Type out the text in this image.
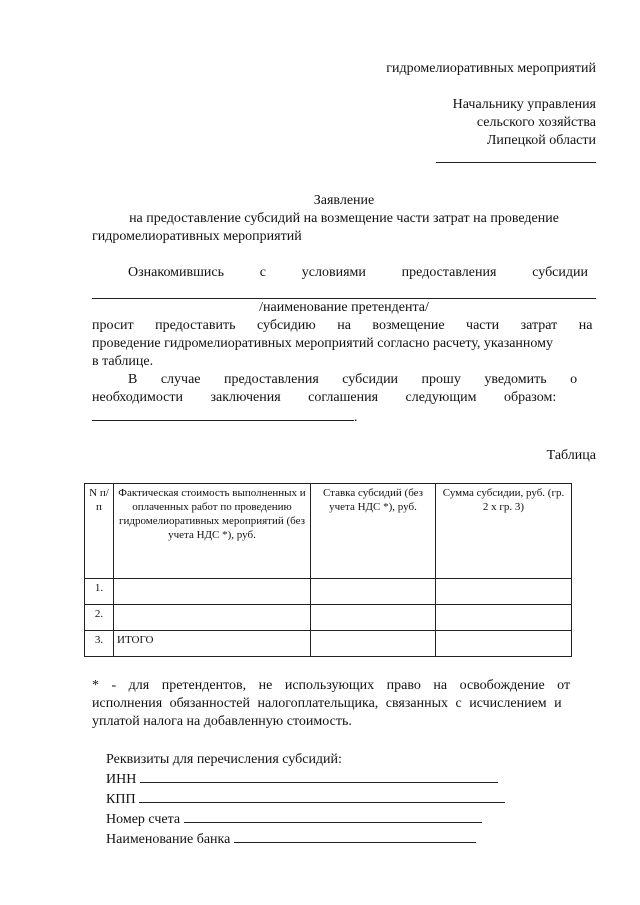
гидромелиоративных мероприятий
Начальнику управления
сельского хозяйства
Липецкой области
Заявление
на предоставление субсидий на возмещение части затрат на проведение
гидромелиоративных мероприятий
Ознакомившись	с	условиями	предоставления	субсидии
/наименование претендента/
просит предоставить субсидию на возмещение части затрат на
проведение гидромелиоративных мероприятий согласно расчету, указанному
в таблице.
В случае предоставления субсидии прошу уведомить о
необходимости заключения соглашения следующим образом:
.
Таблица
N п/п	Фактическая стоимость выполненных и оплаченных работ по проведению гидромелиоративных мероприятий (без учета НДС *), руб.	Ставка субсидий (без учета НДС *), руб.	Сумма субсидии, руб. (гр. 2 х гр. 3)
1.			
2.			
3.	ИТОГО		
* - для претендентов, не использующих право на освобождение от
исполнения обязанностей налогоплательщика, связанных с исчислением и
уплатой налога на добавленную стоимость.
Реквизиты для перечисления субсидий:
ИНН
КПП
Номер счета
Наименование банка
